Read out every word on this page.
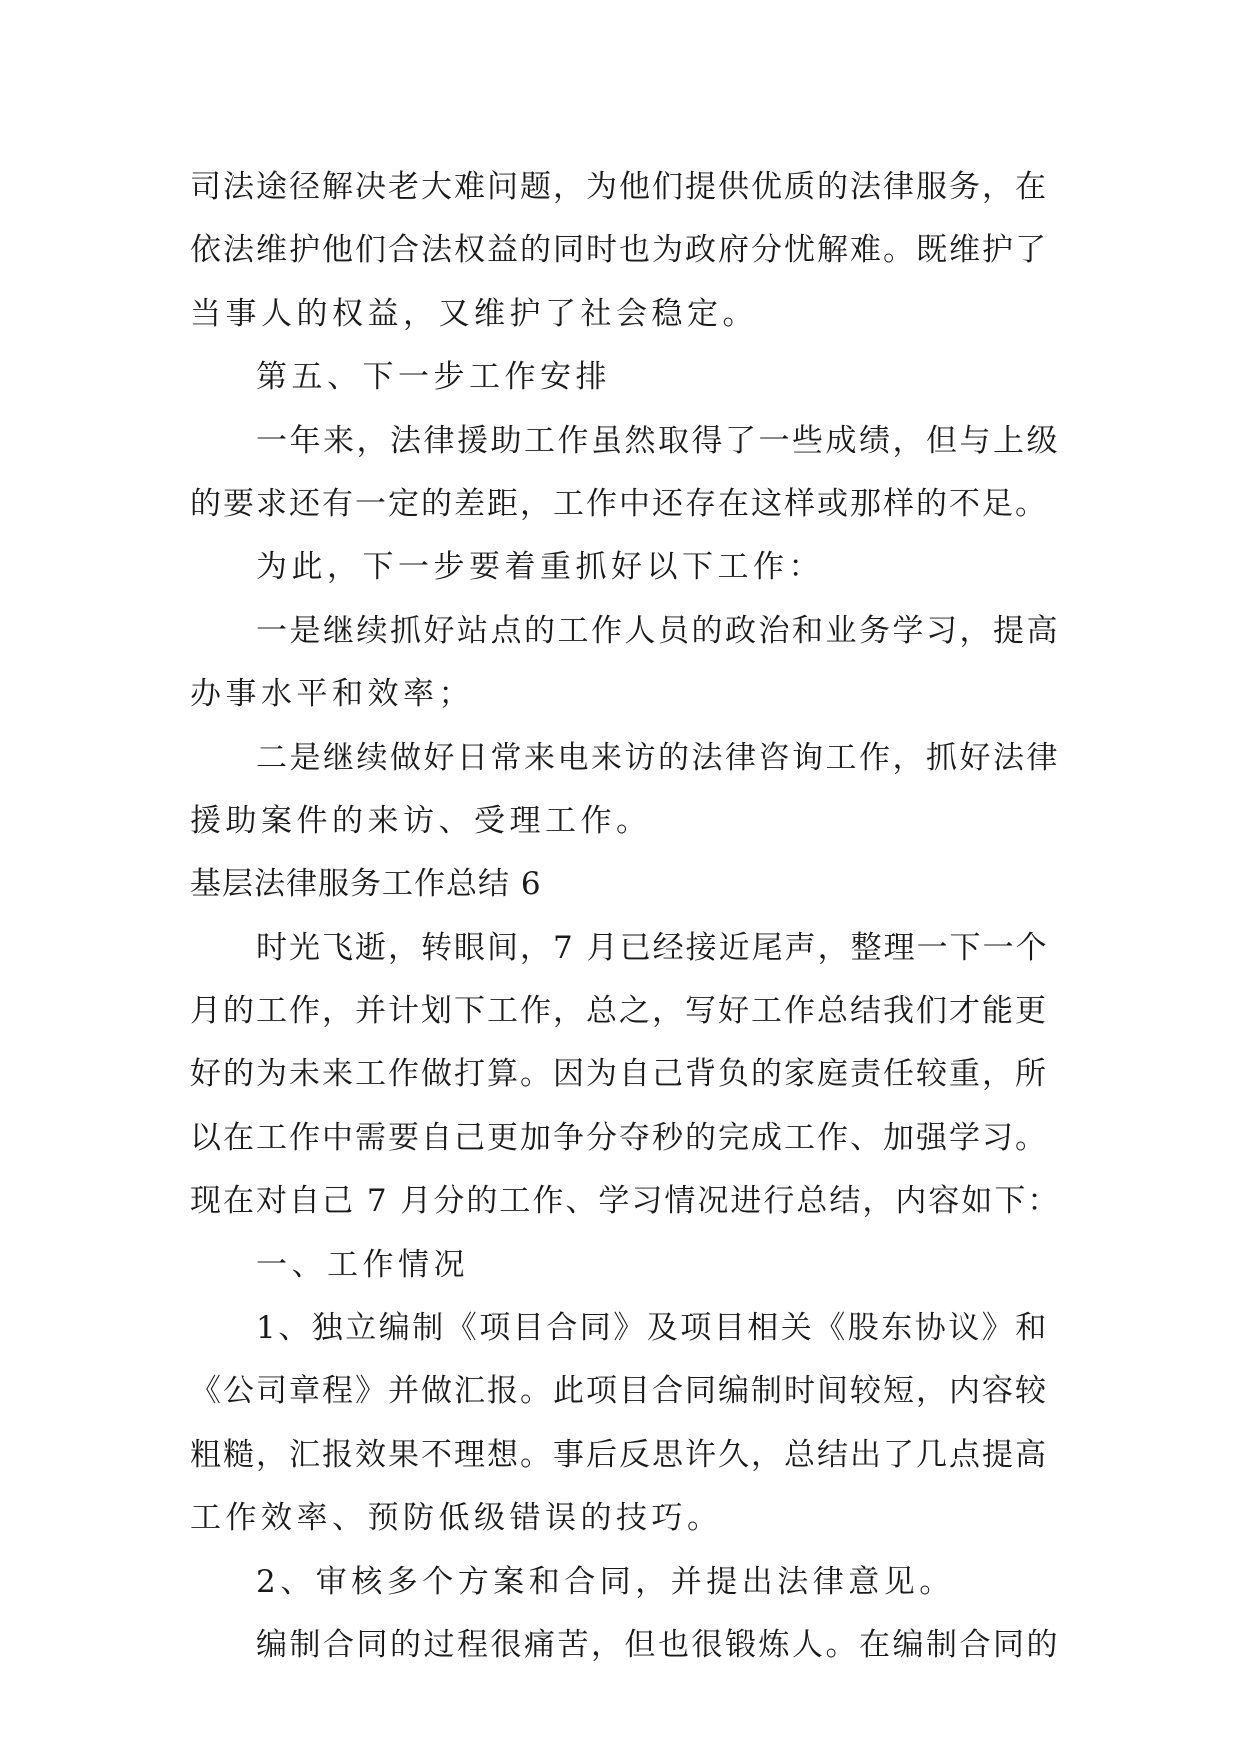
司法途径解决老大难问题，为他们提供优质的法律服务，在
依法维护他们合法权益的同时也为政府分忧解难。既维护了
当事人的权益，又维护了社会稳定。
第五、下一步工作安排
一年来，法律援助工作虽然取得了一些成绩，但与上级
的要求还有一定的差距，工作中还存在这样或那样的不足。
为此，下一步要着重抓好以下工作：
一是继续抓好站点的工作人员的政治和业务学习，提高
办事水平和效率；
二是继续做好日常来电来访的法律咨询工作，抓好法律
援助案件的来访、受理工作。
基层法律服务工作总结 6
时光飞逝，转眼间，7 月已经接近尾声，整理一下一个
月的工作，并计划下工作，总之，写好工作总结我们才能更
好的为未来工作做打算。因为自己背负的家庭责任较重，所
以在工作中需要自己更加争分夺秒的完成工作、加强学习。
现在对自己 7 月分的工作、学习情况进行总结，内容如下：
一、工作情况
1、独立编制《项目合同》及项目相关《股东协议》和
《公司章程》并做汇报。此项目合同编制时间较短，内容较
粗糙，汇报效果不理想。事后反思许久，总结出了几点提高
工作效率、预防低级错误的技巧。
2、审核多个方案和合同，并提出法律意见。
编制合同的过程很痛苦，但也很锻炼人。在编制合同的
